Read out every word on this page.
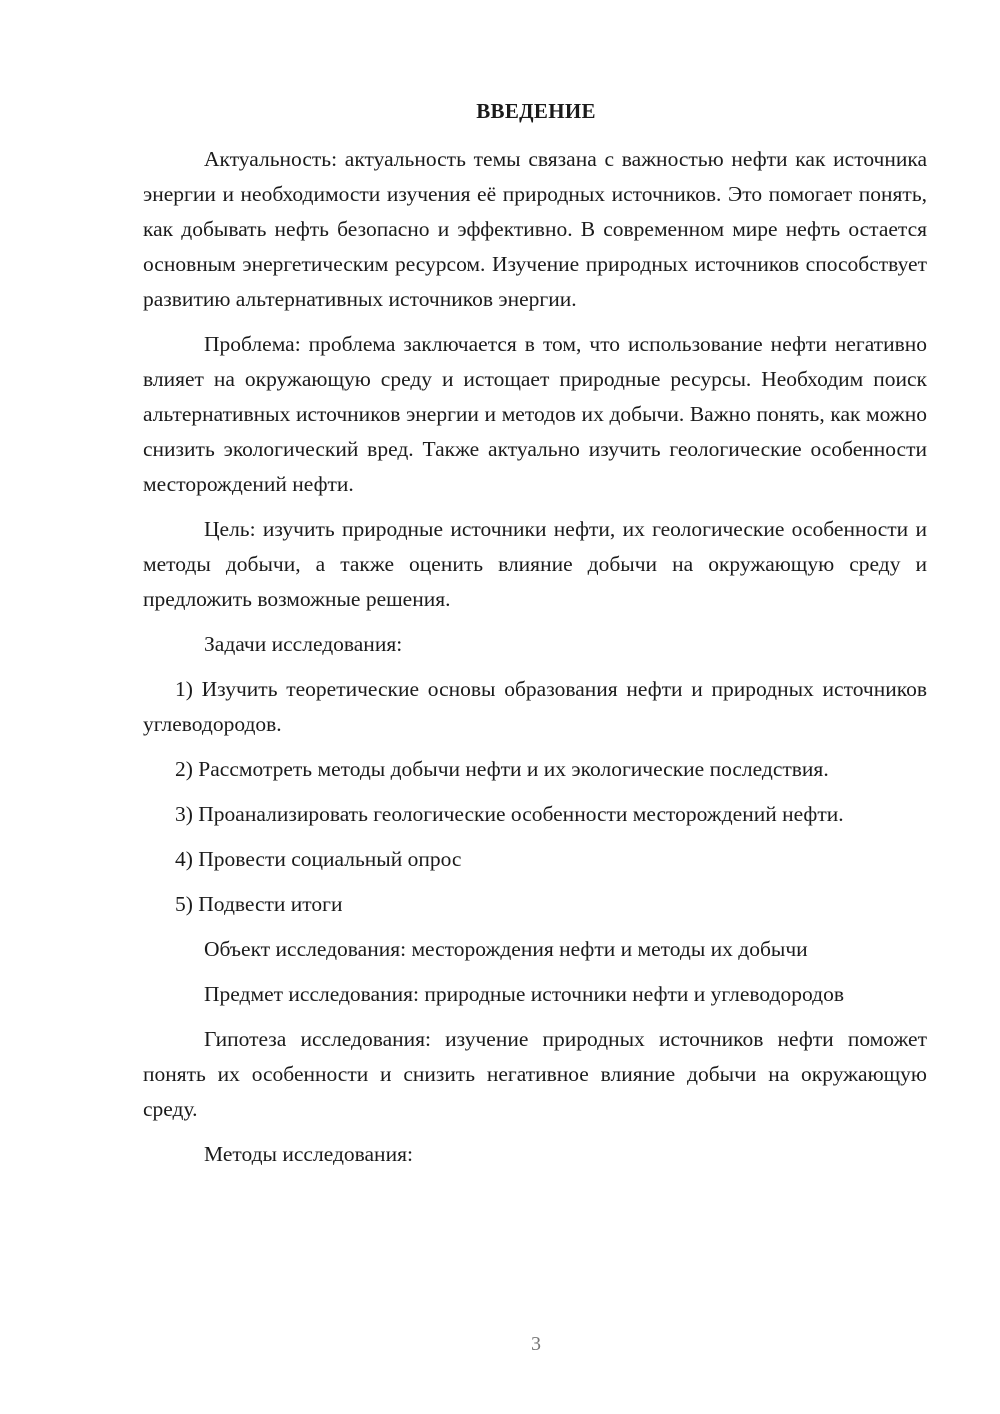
ВВЕДЕНИЕ

Актуальность: актуальность темы связана с важностью нефти как источника энергии и необходимости изучения её природных источников. Это помогает понять, как добывать нефть безопасно и эффективно. В современном мире нефть остается основным энергетическим ресурсом. Изучение природных источников способствует развитию альтернативных источников энергии.

Проблема: проблема заключается в том, что использование нефти негативно влияет на окружающую среду и истощает природные ресурсы. Необходим поиск альтернативных источников энергии и методов их добычи. Важно понять, как можно снизить экологический вред. Также актуально изучить геологические особенности месторождений нефти.

Цель: изучить природные источники нефти, их геологические особенности и методы добычи, а также оценить влияние добычи на окружающую среду и предложить возможные решения.

Задачи исследования:

1) Изучить теоретические основы образования нефти и природных источников углеводородов.

2) Рассмотреть методы добычи нефти и их экологические последствия.

3) Проанализировать геологические особенности месторождений нефти.

4) Провести социальный опрос

5) Подвести итоги

Объект исследования: месторождения нефти и методы их добычи

Предмет исследования: природные источники нефти и углеводородов

Гипотеза исследования: изучение природных источников нефти поможет понять их особенности и снизить негативное влияние добычи на окружающую среду.

Методы исследования:

3
